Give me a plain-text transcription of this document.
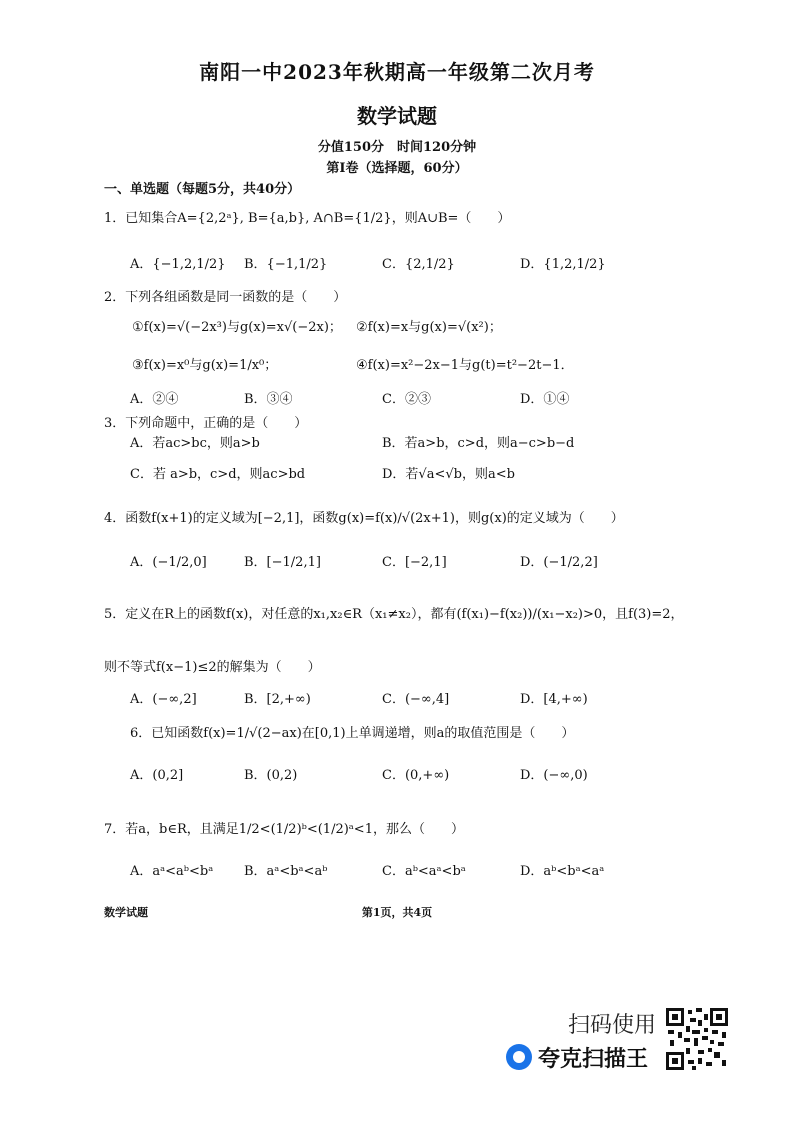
南阳一中2023年秋期高一年级第二次月考
数学试题
分值150分　时间120分钟
第I卷（选择题，60分）
一、单选题（每题5分，共40分）
1．已知集合A={2,2ᵃ}, B={a,b}, A∩B={1/2}，则A∪B=（　　）
A．{−1,2,1/2} B．{−1,1/2}	C．{2,1/2}	D．{1,2,1/2}
2．下列各组函数是同一函数的是（　　）
①f(x)=√(−2x³)与g(x)=x√(−2x)； ②f(x)=x与g(x)=√(x²)；
③f(x)=x⁰与g(x)=1/x⁰；	④f(x)=x²−2x−1与g(t)=t²−2t−1．
A．②④	B．③④	C．②③	D．①④
3．下列命题中，正确的是（　　）
A．若ac>bc，则a>b	B．若a>b，c>d，则a−c>b−d
C．若 a>b，c>d，则ac>bd	D．若√a<√b，则a<b
4．函数f(x+1)的定义域为[−2,1]，函数g(x)=f(x)/√(2x+1)，则g(x)的定义域为（　　）
A．(−1/2,0]	B．[−1/2,1]	C．[−2,1]	D．(−1/2,2]
5．定义在R上的函数f(x)，对任意的x₁,x₂∈R（x₁≠x₂），都有(f(x₁)−f(x₂))/(x₁−x₂)>0，且f(3)=2，
则不等式f(x−1)≤2的解集为（　　）
A．(−∞,2]	B．[2,+∞)	C．(−∞,4]	D．[4,+∞)
6．已知函数f(x)=1/√(2−ax)在[0,1)上单调递增，则a的取值范围是（　　）
A．(0,2]	B．(0,2)	C．(0,+∞)	D．(−∞,0)
7．若a，b∈R，且满足1/2<(1/2)ᵇ<(1/2)ᵃ<1，那么（　　）
A．aᵃ<aᵇ<bᵃ B．aᵃ<bᵃ<aᵇ	C．aᵇ<aᵃ<bᵃ	D．aᵇ<bᵃ<aᵃ
数学试题	第1页，共4页
扫码使用
夸克扫描王
